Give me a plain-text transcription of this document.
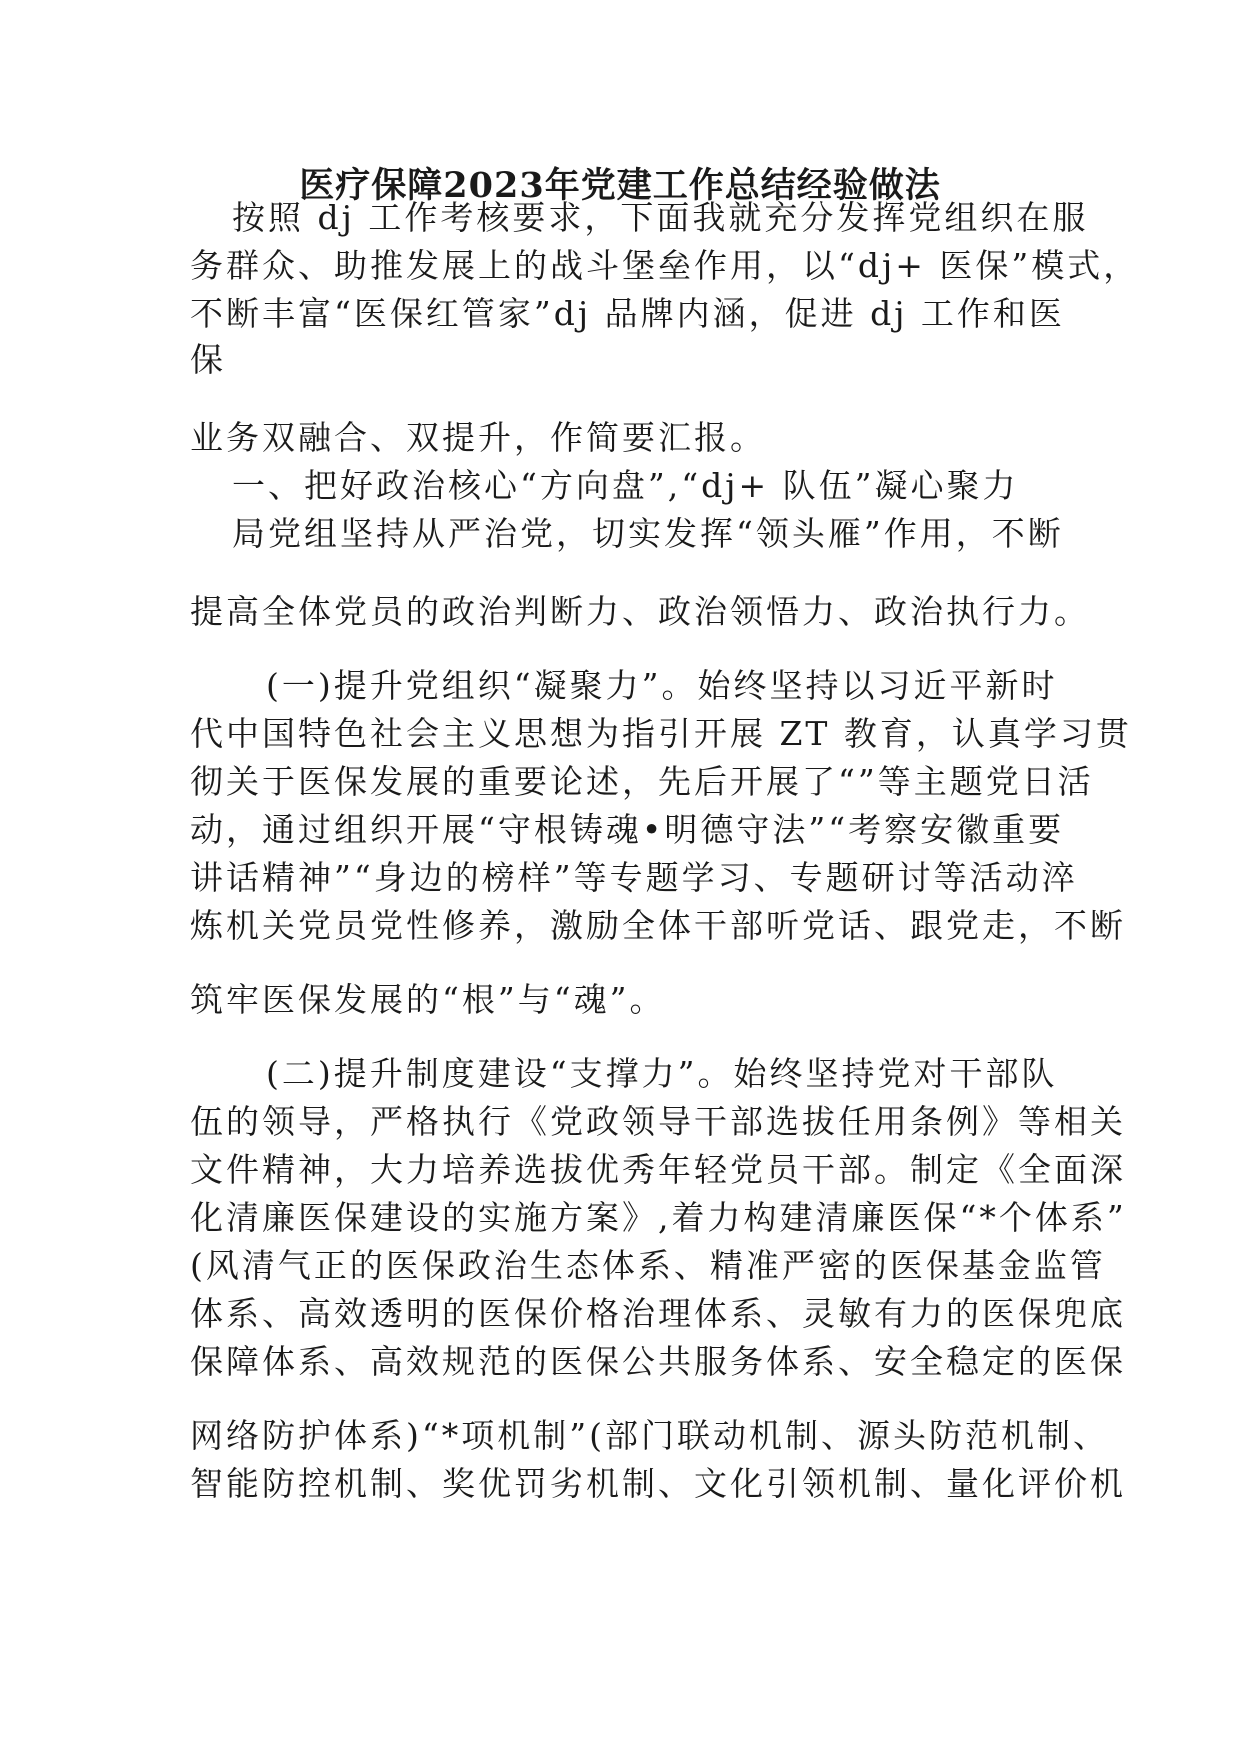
医疗保障2023年党建工作总结经验做法
按照 dj 工作考核要求，下面我就充分发挥党组织在服
务群众、助推发展上的战斗堡垒作用，以“dj+ 医保”模式，
不断丰富“医保红管家”dj 品牌内涵，促进 dj 工作和医
保
业务双融合、双提升，作简要汇报。
一、把好政治核心“方向盘”,“dj+ 队伍”凝心聚力
局党组坚持从严治党，切实发挥“领头雁”作用，不断
提高全体党员的政治判断力、政治领悟力、政治执行力。
(一)提升党组织“凝聚力”。始终坚持以习近平新时
代中国特色社会主义思想为指引开展 ZT 教育，认真学习贯
彻关于医保发展的重要论述，先后开展了“”等主题党日活
动，通过组织开展“守根铸魂•明德守法”“考察安徽重要
讲话精神”“身边的榜样”等专题学习、专题研讨等活动淬
炼机关党员党性修养，激励全体干部听党话、跟党走，不断
筑牢医保发展的“根”与“魂”。
(二)提升制度建设“支撑力”。始终坚持党对干部队
伍的领导，严格执行《党政领导干部选拔任用条例》等相关
文件精神，大力培养选拔优秀年轻党员干部。制定《全面深
化清廉医保建设的实施方案》,着力构建清廉医保“*个体系”
(风清气正的医保政治生态体系、精准严密的医保基金监管
体系、高效透明的医保价格治理体系、灵敏有力的医保兜底
保障体系、高效规范的医保公共服务体系、安全稳定的医保
网络防护体系)“*项机制”(部门联动机制、源头防范机制、
智能防控机制、奖优罚劣机制、文化引领机制、量化评价机
